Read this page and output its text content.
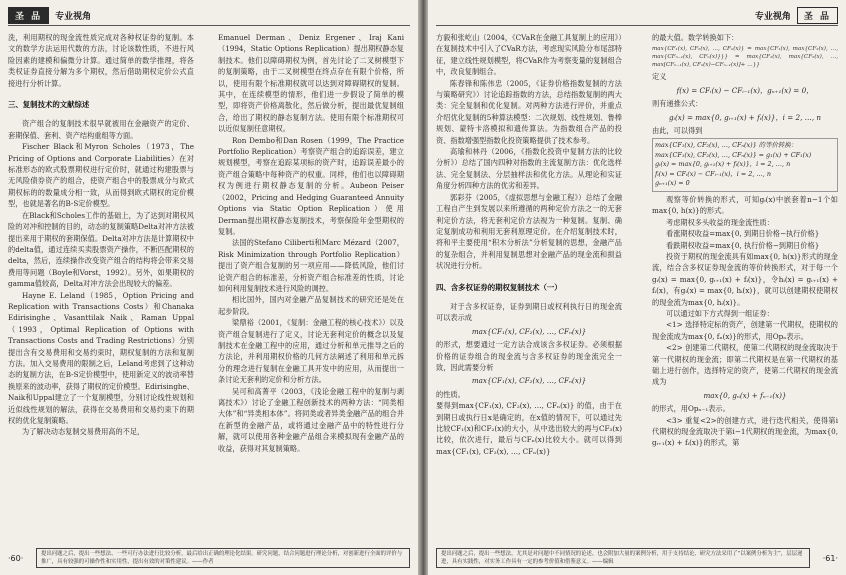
圣 品	专业视角

洗，利用期权的现金流性质完成对各种权证券的复制。本文的数学方法运用代数的方法，讨论该数性质，不进行风险因素的建模和偏微分计算。通过简单的数学推理，将各类权证券直接分解为多个期权，然后借助期权定价公式直接进行分析计算。

三、复制技术的文献综述

资产组合的复制技术很早就被用在金融资产的定价、套期保值、套利、资产结构重组等方面。

Fischer Black和Myron Scholes（1973，The Pricing of Options and Corporate Liabilities）在对标准形态的欧式股票期权进行定价时，就通过构建股票与无风险债券资产的组合，使资产组合中的股票成分与欧式期权标的的数量成分相一致，从而得到欧式期权的定价模型，也就是著名的B-S定价模型。

在Black和Scholes工作的基础上，为了达到对期权风险的对冲和控制的目的，动态的复制策略Delta对冲方法被提出来用于期权的套期保值。Delta对冲方法是计算期权中的delta值，通过连续买卖股票资产操作，不断匹配期权的delta，然后，连续操作改变资产组合的结构将会带来交易费用等问题（Boyle和Vorst，1992）。另外，如果期权的gamma值较高，Delta对冲方法会出现较大的偏差。

Hayne E. Leland（1985，Option Pricing and Replication with Transactions Costs）和Chanaka Edirisinghe、Vasanttilak Naik、Raman Uppal（1993，Optimal Replication of Options with Transactions Costs and Trading Restrictions）分别提出含有交易费用和交易约束时，期权复制的方法和复制方法。加入交易费用的限制之后，Leland考虑到了这种动态的复制方法，在B-S定价模型中，使用新定义的波动率替换原来的波动率，获得了期权的定价模型。Edirisinghe、Naik和Uppal建立了一个复制模型，分别讨论线性规划和近似线性规划的解法，获得在交易费用和交易约束下的期权的优化复制策略。

为了解决动态复制交易费用高的不足，

Emanuel Derman、Deniz Ergener、Iraj Kani（1994，Static Options Replication）提出期权静态复制技术。他们以障碍期权为例，首先讨论了二叉树模型下的复制策略，由于二叉树模型在终点存在有限个价格，所以，使用有限个标准期权就可以达到对障碍期权的复制。其中，在连续模型的情形，他们进一步假设了简单的模型，即将资产价格离散化，然后做分析，提出最优复制组合，给出了期权的静态复制方法。使用有限个标准期权可以近似复制任意期权。

Ron Dembo和Dan Rosen（1999，The Practice Portfolio Replication）考察资产组合的追踪误差，建立规划模型，考察在追踪某项标的资产时，追踪误差最小的资产组合策略中每种资产的权重。同样，他们也以障碍期权为例进行期权静态复制的分析。Aubeon Peiser（2002，Pricing and Hedging Guaranteed Annuity Options via Static Option Replication）使用Derman提出期权静态复制技术，考察保险年金型期权的复制。

法国的Stefano Ciliberti和Marc Mézard（2007，Risk Minimization through Portfolio Replication）提出了资产组合复制的另一项应用——降低风险，他们讨论资产组合的标准差，分析资产组合标准差的性质，讨论如何利用复制技术进行风险的调控。

相比国外，国内对金融产品复制技术的研究还是处在起步阶段。

梁鼎裕（2001，《复制：金融工程的核心技术》）以及资产组合复制进行了定义，讨论无套利定价的概念以及复制技术在金融工程中的应用，通过分析和单元推导之后的方法论，并利用期权价格的几何方法阐述了利用和单元拆分的理念进行复制在金融工具开发中的应用，从而提出一条讨论无套利的定价和分析方法。

吴可和高菁平（2003，《浅论金融工程中的复制与剥离技术》）讨论了金融工程创新技术的两种方法：“同类相大体”和“异类相本体”。将同类或者异类金融产品的组合并在新型的金融产品，或将通过金融产品中的特性进行分解，就可以使用各种金融产品组合来模拟现有金融产品的收益，获得对其复制策略。

·60·	提出问题之后，提出一些想法、一些可行办法进行比较分析，最后给出正确的理论化结果。研究问题，结合问题进行理论分析，对创新进行全面的评价与推广，具有较强的可操作性和实用性，提出有效的对策性建议。——作者
专业视角	圣 品

方毅和张屹山（2004，《CVaR在金融工具复制上的应用》）在复制技术中引入了CVaR方法，考虑现实风险分布尾部特征，建立线性规划模型，将CVaR作为考察变量的复制组合中，改良复制组合。

陈春锋和陈伟忠（2005，《证券价格指数复制的方法与策略研究》）讨论追踪指数的方法，总结指数复制的两大类：完全复制和优化复制。对两种方法进行评价，并重点介绍优化复制的5种算法模型：二次规划、线性规划、鲁棒规划、蒙特卡洛模拟和遗传算法。为指数组合产品的投资、指数增强型指数化投资策略提供了技术参考。

高瑜和林丹（2006，《指数化投资中复制方法的比较分析》）总结了国内四种对指数的主流复制方法：优化选样法、完全复制法、分层抽样法和优化方法。从理论和实证角度分析四种方法的优劣和差异。

郭彩芬（2005，《虚拟思想与金融工程》）总结了金融工程自产生到发展以来所遵循的两种定价方法之一的无套利定价方法，将无套利定价方法视为一种复制。复制、确定复制成功和利用无套利原理定价。在介绍复制技术时，将和平主要使用“积木分析法”分析复制的思想，金融产品的复杂组合，并利用复制思想对金融产品的现金流和损益状况进行分析。

四、含多权证券的期权复制技术（一）

对于含多权证券，证券到期日或权利执行日的现金流可以表示成

max{CF₁(x), CF₂(x), …, CFₙ(x)}

的形式，想要通过一定方法合成该含多权证券。必须根据价格的证券组合的现金流与含多权证券的现金流完全一致，因此需要分析

max{CF₁(x), CF₂(x), …, CFₙ(x)}

的性质。

要得到max{CF₁(x), CF₂(x), …, CFₙ(x)} 的值，由于在到期日或执行日x是确定的，在x值的情况下，可以通过先比较CF₁(x)和CF₂(x)的大小，从中选出较大的再与CF₃(x)比较，依次进行，最后与CFₙ(x)比较大小。就可以得到max{CF₁(x), CF₂(x), …, CFₙ(x)}

的最大值。数学转换如下：

max{CF₁(x), CF₂(x), …, CFₙ(x)} = max{CF₁(x), max{CF₂(x), …, max{CFₙ₋₁(x), CFₙ(x)}}} = max{CF₁(x), max{CF₂(x), …, max[CFₙ₋₁(x), CFₙ(x)−CFₙ₋₁(x)]+ …}}

定义

f(x) = CFᵢ(x) − CFᵢ₋₁(x)，gₙ₊₁(x) = 0，

则有递推公式：

gᵢ(x) = max{0, gᵢ₊₁(x) + fᵢ(x)}，i = 2, …, n

由此，可以得到

max{CF₁(x), CF₂(x), …, CFₙ(x)} 的等价转换：
max{CF₁(x), CF₂(x), …, CFₙ(x)} = g₁(x) + CF₁(x)
gᵢ(x) = max{0, gᵢ₊₁(x) + fᵢ(x)}，i = 2, …, n
fᵢ(x) = CFᵢ(x) − CFᵢ₋₁(x)，i = 2, …, n
gₙ₊₁(x) = 0

观察等价转换的形式，可知gᵢ(x)中嵌套着n−1个如max{0, h(x)}的形式。

考虑期权多头收益的现金流性质：

看涨期权收益=max{0, 到期日价格−执行价格}

看跌期权收益=max{0, 执行价格−到期日价格}

投资于期权的现金流具有如max{0, h(x)}形式的现金流，结合含多权证券现金流的等价转换形式，对于每一个gᵢ(x) = max{0, gᵢ₊₁(x) + fᵢ(x)}，令hᵢ(x) = gᵢ₊₁(x) + fᵢ(x)，有gᵢ(x) = max{0, hᵢ(x)}，就可以创建期权使期权的现金流为max{0, hᵢ(x)}。

可以通过如下方式得到一组证券：

<1> 选择特定标的资产，创建第一代期权，使期权的现金流成为max{0, fₙ(x)}的形式，用Opₙ表示。

<2> 创建第二代期权，使第二代期权的现金流取决于第一代期权的现金流；即第二代期权是在第一代期权的基础上进行创作，选择特定的资产，使第二代期权的现金流成为

max{0, gₙ(x) + fₙ₋₁(x)}

的形式，用Opₙ₋₁表示。

<3> 重复<2>的创建方式，进行迭代相关，使得第i代期权的现金流取决于第i−1代期权的现金流，为max{0, gᵢ₊₁(x) + fᵢ(x)}的形式，第

提出问题之后，提出一些想法，尤其是对问题中不同情况的论述，也会附加大量的案例分析，用于支持结论，研究方法采用了“以案例分析为主”，层层递进，具有实践性，对实务工作具有一定的参考价值和借鉴意义。——编辑	·61·
